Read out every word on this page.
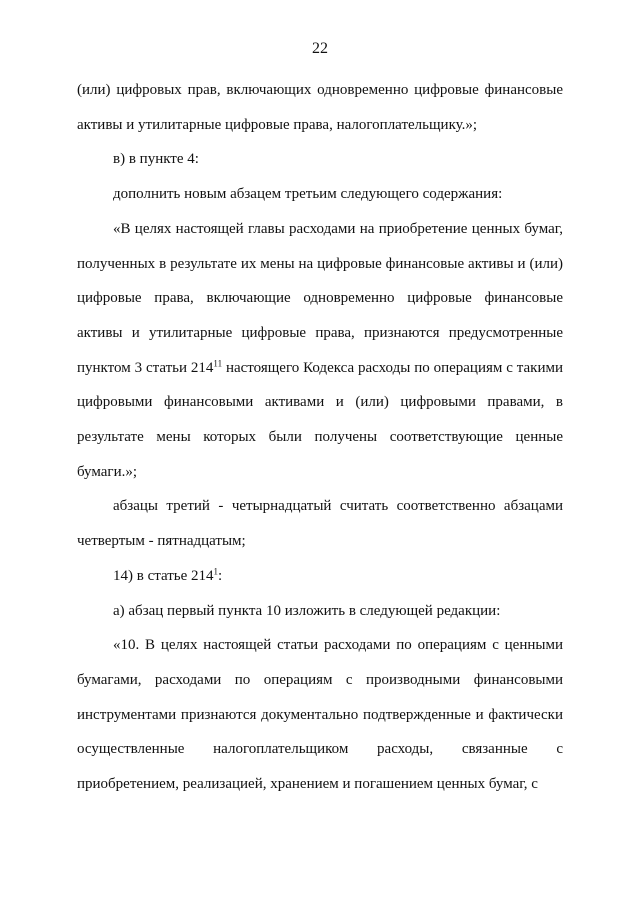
22

(или) цифровых прав, включающих одновременно цифровые финансовые активы и утилитарные цифровые права, налогоплательщику.»;

в) в пункте 4:

дополнить новым абзацем третьим следующего содержания:

«В целях настоящей главы расходами на приобретение ценных бумаг, полученных в результате их мены на цифровые финансовые активы и (или) цифровые права, включающие одновременно цифровые финансовые активы и утилитарные цифровые права, признаются предусмотренные пунктом 3 статьи $214^{11}$ настоящего Кодекса расходы по операциям с такими цифровыми финансовыми активами и (или) цифровыми правами, в результате мены которых были получены соответствующие ценные бумаги.»;

абзацы третий - четырнадцатый считать соответственно абзацами четвертым - пятнадцатым;

14) в статье $214^1$:

а) абзац первый пункта 10 изложить в следующей редакции:

«10. В целях настоящей статьи расходами по операциям с ценными бумагами, расходами по операциям с производными финансовыми инструментами признаются документально подтвержденные и фактически осуществленные налогоплательщиком расходы, связанные с приобретением, реализацией, хранением и погашением ценных бумаг, с
